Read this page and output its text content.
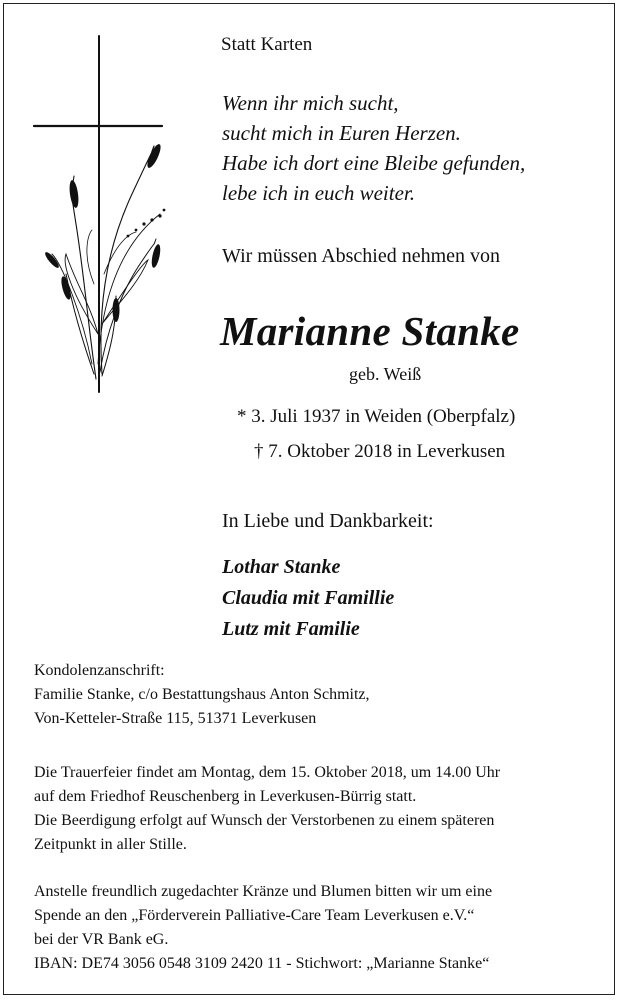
Statt Karten
Wenn ihr mich sucht,
sucht mich in Euren Herzen.
Habe ich dort eine Bleibe gefunden,
lebe ich in euch weiter.
Wir müssen Abschied nehmen von
Marianne Stanke
geb. Weiß
* 3. Juli 1937 in Weiden (Oberpfalz)
† 7. Oktober 2018 in Leverkusen
In Liebe und Dankbarkeit:
Lothar Stanke
Claudia mit Famillie
Lutz mit Familie
Kondolenzanschrift:
Familie Stanke, c/o Bestattungshaus Anton Schmitz,
Von-Ketteler-Straße 115, 51371 Leverkusen
Die Trauerfeier findet am Montag, dem 15. Oktober 2018, um 14.00 Uhr
auf dem Friedhof Reuschenberg in Leverkusen-Bürrig statt.
Die Beerdigung erfolgt auf Wunsch der Verstorbenen zu einem späteren
Zeitpunkt in aller Stille.
Anstelle freundlich zugedachter Kränze und Blumen bitten wir um eine
Spende an den „Förderverein Palliative-Care Team Leverkusen e.V.“
bei der VR Bank eG.
IBAN: DE74 3056 0548 3109 2420 11 - Stichwort: „Marianne Stanke“
